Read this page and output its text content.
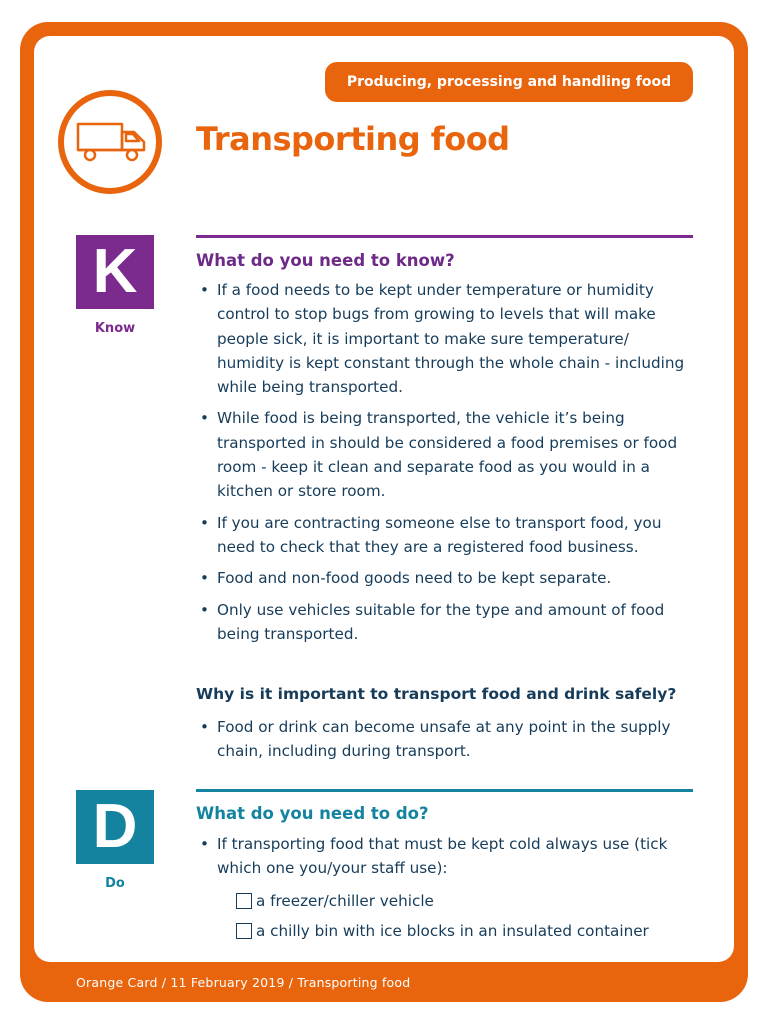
Producing, processing and handling food
Transporting food
K
Know
What do you need to know?
• If a food needs to be kept under temperature or humidity control to stop bugs from growing to levels that will make people sick, it is important to make sure temperature/ humidity is kept constant through the whole chain - including while being transported.
• While food is being transported, the vehicle it’s being transported in should be considered a food premises or food room - keep it clean and separate food as you would in a kitchen or store room.
• If you are contracting someone else to transport food, you need to check that they are a registered food business.
• Food and non-food goods need to be kept separate.
• Only use vehicles suitable for the type and amount of food being transported.
Why is it important to transport food and drink safely?
• Food or drink can become unsafe at any point in the supply chain, including during transport.
D
Do
What do you need to do?
• If transporting food that must be kept cold always use (tick which one you/your staff use):
a freezer/chiller vehicle
a chilly bin with ice blocks in an insulated container
Orange Card / 11 February 2019 / Transporting food
